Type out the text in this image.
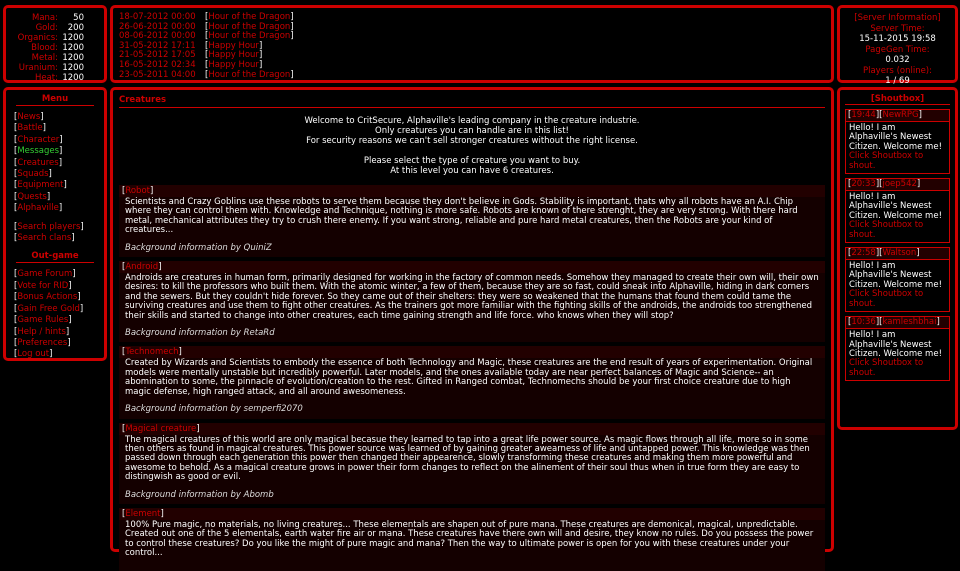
Mana:	50
Gold:	200
Organics: 1200
Blood: 1200
Metal: 1200
Uranium: 1200
Heat: 1200
18-07-2012 00:00	[Hour of the Dragon]
26-06-2012 00:00	[Hour of the Dragon]
08-06-2012 00:00	[Hour of the Dragon]
31-05-2012 17:11	[Happy Hour]
21-05-2012 17:05	[Happy Hour]
16-05-2012 02:34	[Happy Hour]
23-05-2011 04:00	[Hour of the Dragon]
[Server Information]
Server Time:
15-11-2015 19:58
PageGen Time:
0.032
Players (online):
1 / 69
Menu
[News]
[Battle]
[Character]
[Messages]
[Creatures]
[Squads]
[Equipment]
[Quests]
[Alphaville]
[Search players]
[Search clans]
Out-game
[Game Forum]
[Vote for RID]
[Bonus Actions]
[Gain Free Gold]
[Game Rules]
[Help / hints]
[Preferences]
[Log out]
Creatures
Welcome to CritSecure, Alphaville's leading company in the creature industrie.
Only creatures you can handle are in this list!
For security reasons we can't sell stronger creatures without the right license.

Please select the type of creature you want to buy.
At this level you can have 6 creatures.
[Robot]

Scientists and Crazy Goblins use these robots to serve them because they don't believe in Gods. Stability is important, thats why all robots have an A.I. Chip where they can control them with. Knowledge and Technique, nothing is more safe. Robots are known of there strenght, they are very strong. With there hard metal, mechanical attributes they try to crush there enemy. If you want strong, reliable and pure hard metal creatures, then the Robots are your kind of creatures...

Background information by QuiniZ
[Android]

Androids are creatures in human form, primarily designed for working in the factory of common needs. Somehow they managed to create their own will, their own desires: to kill the professors who built them. With the atomic winter, a few of them, because they are so fast, could sneak into Alphaville, hiding in dark corners and the sewers. But they couldn't hide forever. So they came out of their shelters: they were so weakened that the humans that found them could tame the surviving creatures and use them to fight other creatures. As the trainers got more familiar with the fighting skills of the androids, the androids too strengthened their skills and started to change into other creatures, each time gaining strength and life force. who knows when they will stop?

Background information by RetaRd
[Technomech]

Created by Wizards and Scientists to embody the essence of both Technology and Magic, these creatures are the end result of years of experimentation. Original models were mentally unstable but incredibly powerful. Later models, and the ones available today are near perfect balances of Magic and Science-- an abomination to some, the pinnacle of evolution/creation to the rest. Gifted in Ranged combat, Technomechs should be your first choice creature due to high magic defense, high ranged attack, and all around awesomeness.

Background information by semperfi2070
[Magical creature]

The magical creatures of this world are only magical becasue they learned to tap into a great life power source. As magic flows through all life, more so in some then others as found in magical creatures. This power source was learned of by gaining greater awearness of life and untapped power. This knowledge was then passed down through each generation this power then changed their appearence, slowly transforming these creatures and making them more powerful and awesome to behold. As a magical creature grows in power their form changes to reflect on the alinement of their soul thus when in true form they are easy to distingwish as good or evil.

Background information by Abomb
[Element]

100% Pure magic, no materials, no living creatures... These elementals are shapen out of pure mana. These creatures are demonical, magical, unpredictable. Created out one of the 5 elementals, earth water fire air or mana. These creatures have there own will and desire, they know no rules. Do you possess the power to control these creatures? Do you like the might of pure magic and mana? Then the way to ultimate power is open for you with these creatures under your control...

[Shoutbox]
[19:44][NewRPG]
Hello! I am Alphaville's Newest Citizen. Welcome me!
Click Shoutbox to shout.
[20:33][joep542]
Hello! I am Alphaville's Newest Citizen. Welcome me!
Click Shoutbox to shout.
[22:58][Waltson]
Hello! I am Alphaville's Newest Citizen. Welcome me!
Click Shoutbox to shout.
[10:36][kamleshbhai]
Hello! I am Alphaville's Newest Citizen. Welcome me!
Click Shoutbox to shout.
